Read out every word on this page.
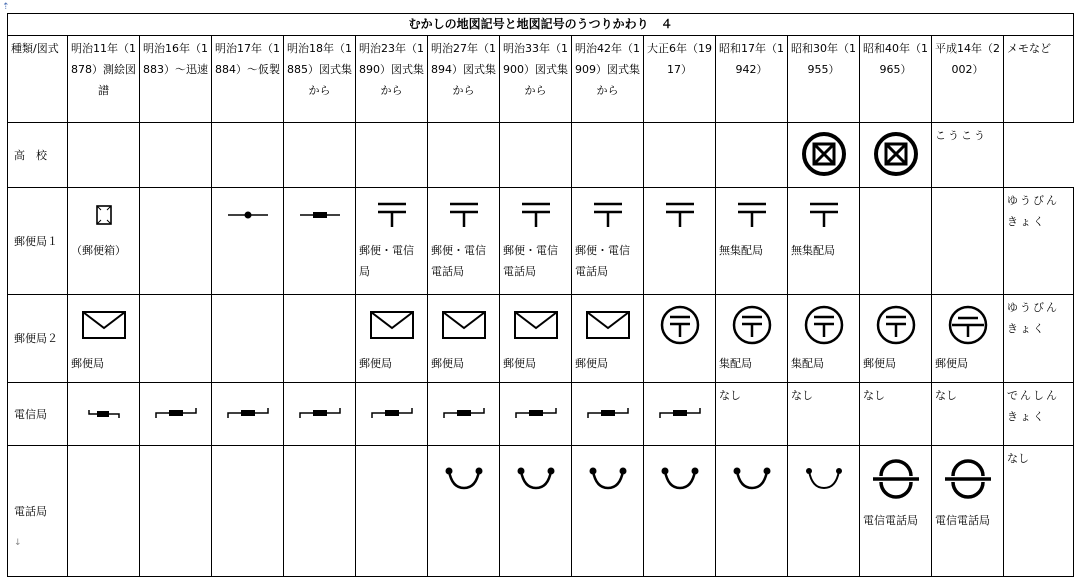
⇡
むかしの地図記号と地図記号のうつりかわり　４															
種類/図式	明治11年（1878）測絵図譜	明治16年（1883）〜迅速	明治17年（1884）〜仮製	明治18年（1885）図式集から	明治23年（1890）図式集から	明治27年（1894）図式集から	明治33年（1900）図式集から	明治42年（1909）図式集から	大正6年（1917）	昭和17年（1942）	昭和30年（1955）	昭和40年（1965）	平成14年（2002）	メモなど	
高　校													こうこう		
郵便局１	（郵便箱）				郵便・電信局	郵便・電信電話局	郵便・電信電話局	郵便・電信電話局		無集配局	無集配局			ゆうびんきょく	
郵便局２	郵便局				郵便局	郵便局	郵便局	郵便局		集配局	集配局	郵便局	郵便局	ゆうびんきょく	
電信局										なし	なし	なし	なし	でんしんきょく	
電話局												電信電話局	電信電話局	なし	
↓
